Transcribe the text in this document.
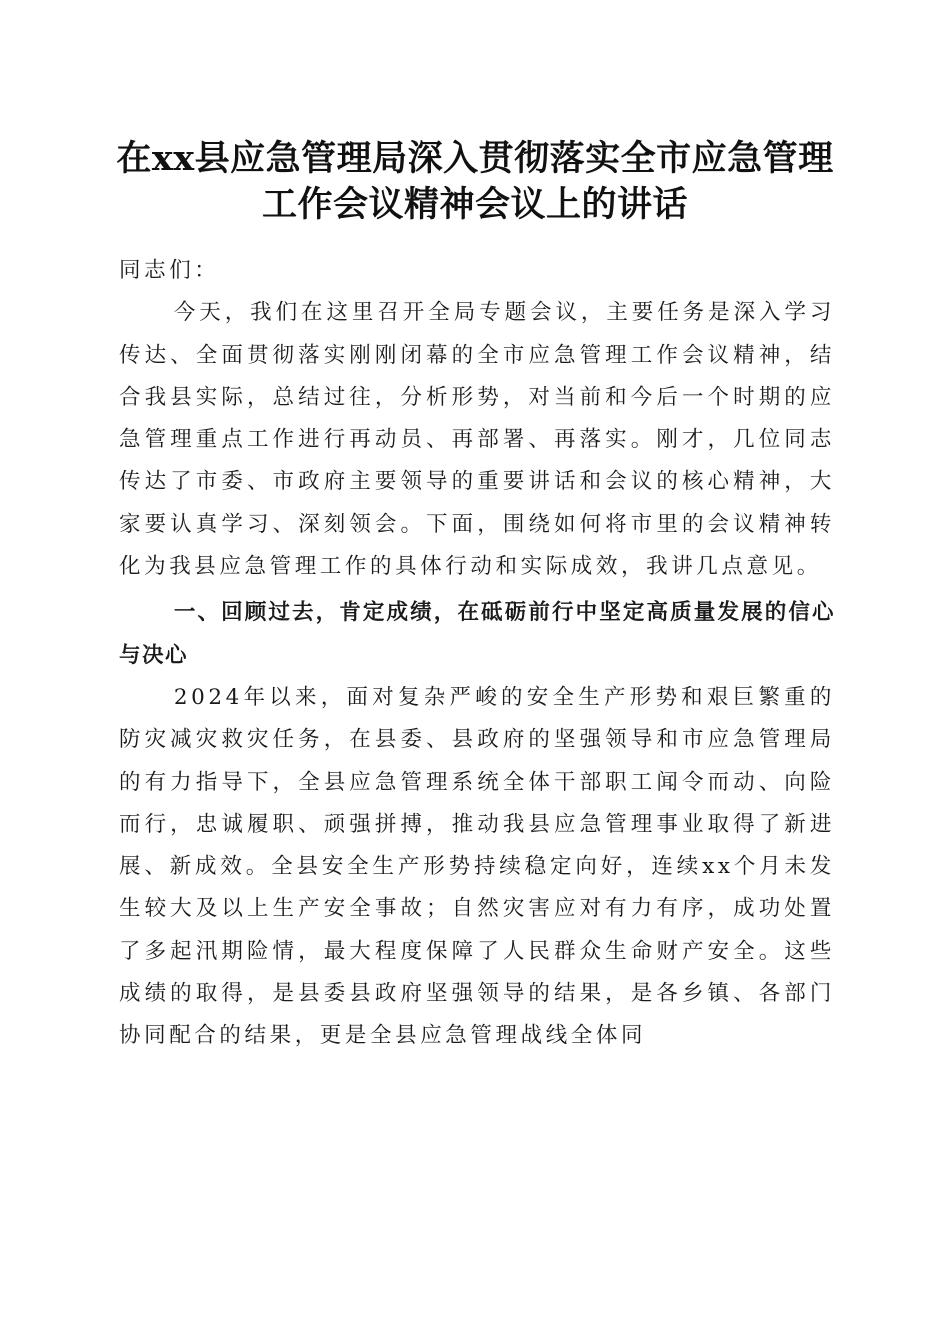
在xx县应急管理局深入贯彻落实全市应急管理工作会议精神会议上的讲话

同志们：

今天，我们在这里召开全局专题会议，主要任务是深入学习传达、全面贯彻落实刚刚闭幕的全市应急管理工作会议精神，结合我县实际，总结过往，分析形势，对当前和今后一个时期的应急管理重点工作进行再动员、再部署、再落实。刚才，几位同志传达了市委、市政府主要领导的重要讲话和会议的核心精神，大家要认真学习、深刻领会。下面，围绕如何将市里的会议精神转化为我县应急管理工作的具体行动和实际成效，我讲几点意见。

一、回顾过去，肯定成绩，在砥砺前行中坚定高质量发展的信心与决心

2024年以来，面对复杂严峻的安全生产形势和艰巨繁重的防灾减灾救灾任务，在县委、县政府的坚强领导和市应急管理局的有力指导下，全县应急管理系统全体干部职工闻令而动、向险而行，忠诚履职、顽强拼搏，推动我县应急管理事业取得了新进展、新成效。全县安全生产形势持续稳定向好，连续xx个月未发生较大及以上生产安全事故；自然灾害应对有力有序，成功处置了多起汛期险情，最大程度保障了人民群众生命财产安全。这些成绩的取得，是县委县政府坚强领导的结果，是各乡镇、各部门协同配合的结果，更是全县应急管理战线全体同
